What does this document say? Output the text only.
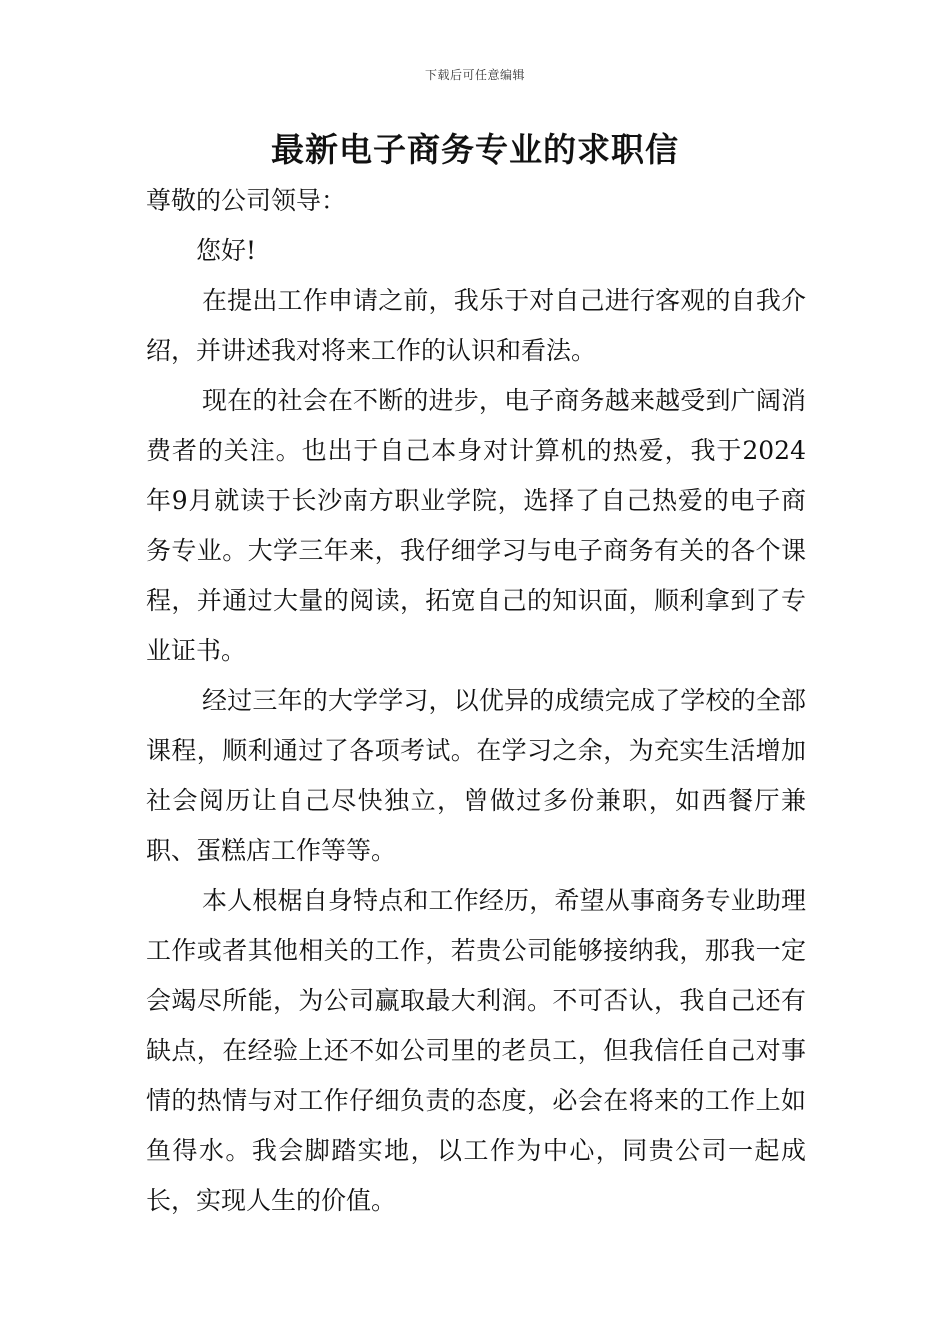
下载后可任意编辑
最新电子商务专业的求职信

尊敬的公司领导：

您好!

在提出工作申请之前，我乐于对自己进行客观的自我介绍，并讲述我对将来工作的认识和看法。

现在的社会在不断的进步，电子商务越来越受到广阔消费者的关注。也出于自己本身对计算机的热爱，我于2024年9月就读于长沙南方职业学院，选择了自己热爱的电子商务专业。大学三年来，我仔细学习与电子商务有关的各个课程，并通过大量的阅读，拓宽自己的知识面，顺利拿到了专业证书。

经过三年的大学学习，以优异的成绩完成了学校的全部课程，顺利通过了各项考试。在学习之余，为充实生活增加社会阅历让自己尽快独立，曾做过多份兼职，如西餐厅兼职、蛋糕店工作等等。

本人根椐自身特点和工作经历，希望从事商务专业助理工作或者其他相关的工作，若贵公司能够接纳我，那我一定会竭尽所能，为公司赢取最大利润。不可否认，我自己还有缺点，在经验上还不如公司里的老员工，但我信任自己对事情的热情与对工作仔细负责的态度，必会在将来的工作上如鱼得水。我会脚踏实地，以工作为中心，同贵公司一起成长，实现人生的价值。
